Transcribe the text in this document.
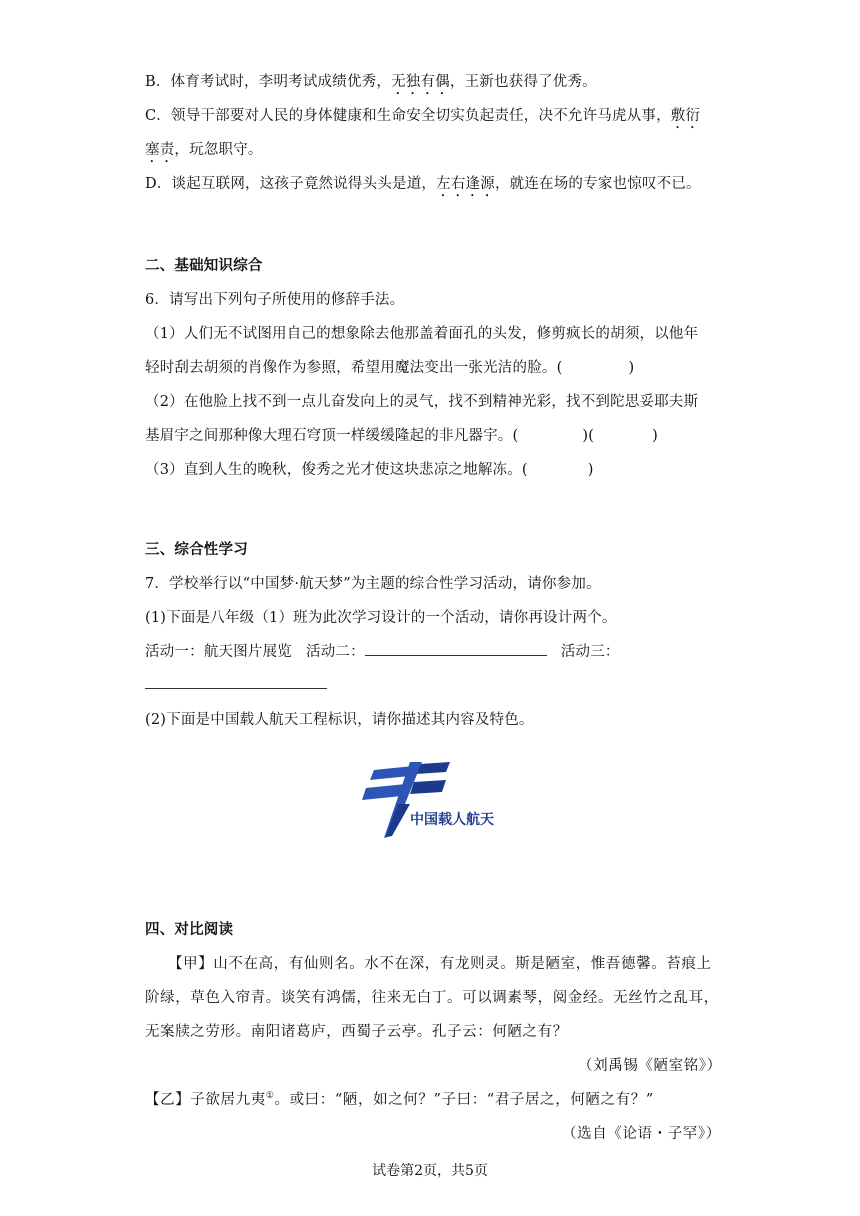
B．体育考试时，李明考试成绩优秀，无独有偶，王新也获得了优秀。
C．领导干部要对人民的身体健康和生命安全切实负起责任，决不允许马虎从事，敷衍
塞责，玩忽职守。
D．谈起互联网，这孩子竟然说得头头是道，左右逢源，就连在场的专家也惊叹不已。
二、基础知识综合
6．请写出下列句子所使用的修辞手法。
（1）人们无不试图用自己的想象除去他那盖着面孔的头发，修剪疯长的胡须，以他年
轻时刮去胡须的肖像作为参照，希望用魔法变出一张光洁的脸。(	)
（2）在他脸上找不到一点儿奋发向上的灵气，找不到精神光彩，找不到陀思妥耶夫斯
基眉宇之间那种像大理石穹顶一样缓缓隆起的非凡器宇。(	)(	)
（3）直到人生的晚秋，俊秀之光才使这块悲凉之地解冻。(	)
三、综合性学习
7．学校举行以“中国梦·航天梦”为主题的综合性学习活动，请你参加。
(1)下面是八年级（1）班为此次学习设计的一个活动，请你再设计两个。
活动一：航天图片展览 活动二：	活动三：
(2)下面是中国载人航天工程标识，请你描述其内容及特色。
中国载人航天
四、对比阅读
【甲】山不在高，有仙则名。水不在深，有龙则灵。斯是陋室，惟吾德馨。苔痕上
阶绿，草色入帘青。谈笑有鸿儒，往来无白丁。可以调素琴，阅金经。无丝竹之乱耳，
无案牍之劳形。南阳诸葛庐，西蜀子云亭。孔子云：何陋之有？
（刘禹锡《陋室铭》）
【乙】子欲居九夷①。或曰：“陋，如之何？”子曰：“君子居之，何陋之有？”
（选自《论语・子罕》）
试卷第2页，共5页
